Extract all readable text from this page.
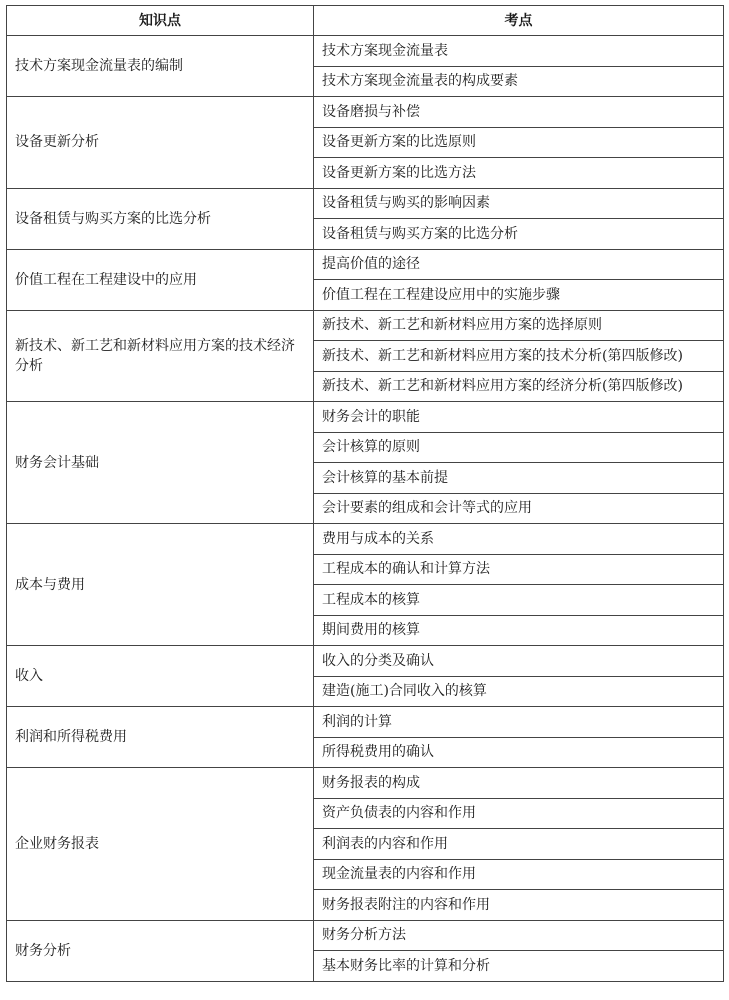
知识点	考点
技术方案现金流量表的编制	技术方案现金流量表
	技术方案现金流量表的构成要素
设备更新分析	设备磨损与补偿
	设备更新方案的比选原则
	设备更新方案的比选方法
设备租赁与购买方案的比选分析	设备租赁与购买的影响因素
	设备租赁与购买方案的比选分析
价值工程在工程建设中的应用	提高价值的途径
	价值工程在工程建设应用中的实施步骤
新技术、新工艺和新材料应用方案的技术经济分析	新技术、新工艺和新材料应用方案的选择原则
	新技术、新工艺和新材料应用方案的技术分析(第四版修改)
	新技术、新工艺和新材料应用方案的经济分析(第四版修改)
财务会计基础	财务会计的职能
	会计核算的原则
	会计核算的基本前提
	会计要素的组成和会计等式的应用
成本与费用	费用与成本的关系
	工程成本的确认和计算方法
	工程成本的核算
	期间费用的核算
收入	收入的分类及确认
	建造(施工)合同收入的核算
利润和所得税费用	利润的计算
	所得税费用的确认
企业财务报表	财务报表的构成
	资产负债表的内容和作用
	利润表的内容和作用
	现金流量表的内容和作用
	财务报表附注的内容和作用
财务分析	财务分析方法
	基本财务比率的计算和分析
